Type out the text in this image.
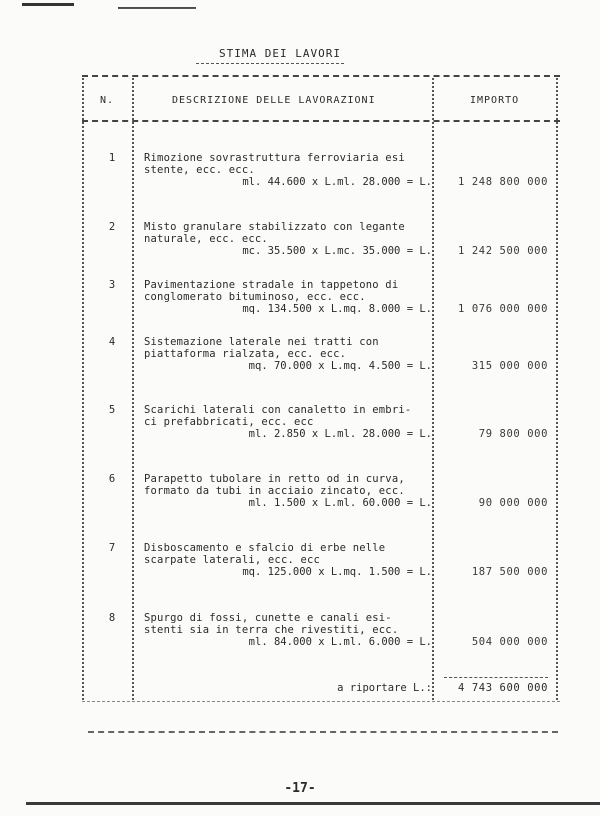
STIMA DEI LAVORI
N.	DESCRIZIONE DELLE LAVORAZIONI	IMPORTO
1	Rimozione sovrastruttura ferroviaria esi
stente, ecc. ecc.
ml. 44.600 x L.ml. 28.000 = L.	1 248 800 000
2	Misto granulare stabilizzato con legante
naturale, ecc. ecc.
mc. 35.500 x L.mc. 35.000 = L.	1 242 500 000
3	Pavimentazione stradale in tappetono di
conglomerato bituminoso, ecc. ecc.
mq. 134.500 x L.mq. 8.000 = L.	1 076 000 000
4	Sistemazione laterale nei tratti con
piattaforma rialzata, ecc. ecc.
mq. 70.000 x L.mq. 4.500 = L.	315 000 000
5	Scarichi laterali con canaletto in embri-
ci prefabbricati, ecc. ecc
ml. 2.850 x L.ml. 28.000 = L.	79 800 000
6	Parapetto tubolare in retto od in curva,
formato da tubi in acciaio zincato, ecc.
ml. 1.500 x L.ml. 60.000 = L.	90 000 000
7	Disboscamento e sfalcio di erbe nelle
scarpate laterali, ecc. ecc
mq. 125.000 x L.mq. 1.500 = L.	187 500 000
8	Spurgo di fossi, cunette e canali esi-
stenti sia in terra che rivestiti, ecc.
ml. 84.000 x L.ml. 6.000 = L.	504 000 000
a riportare L.:	4 743 600 000
-17-
